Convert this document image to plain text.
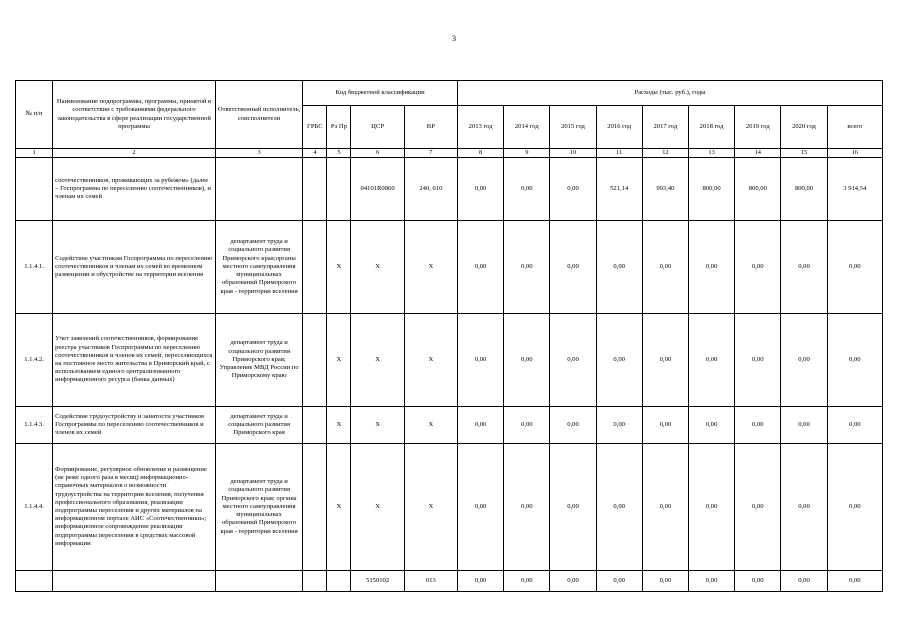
3
№ п/п	Наименование подпрограммы, программы, принятой в соответствии с требованиями федерального законодательства в сфере реализации государственной программы	Ответственный исполнитель, соисполнители	Код бюджетной классификации				Расходы (тыс. руб.), годы								
			ГРБС	Рз Пр	ЦСР	ВР	2013 год	2014 год	2015 год	2016 год	2017 год	2018 год	2019 год	2020 год	всего
1	2	3	4	5	6	7	8	9	10	11	12	13	14	15	16
	соотечественников, проживающих за рубежом» (далее – Госпрограмма по переселению соотечественников), и членам их семей				04101R0860	240, 610	0,00	0,00	0,00	521,14	993,40	800,00	800,00	800,00	3 914,54
1.1.4.1.	Содействие участникам Госпрограммы по переселению соотечественников и членам их семей во временном размещении и обустройстве на территории вселения	департамент труда и социального развития Приморского края;органы местного самоуправления муниципальных образований Приморского края - территории вселения		X	X	X	0,00	0,00	0,00	0,00	0,00	0,00	0,00	0,00	0,00
1.1.4.2.	Учет заявлений соотечественников, формирование реестра участников Госпрограммы по переселению соотечественников и членов их семей, переселяющихся на постоянное место жительства в Приморский край, с использованием единого централизованного информационного ресурса (банка данных)	департамент труда и социального развития Приморского края; Управление МВД России по Приморскому краю		X	X	X	0,00	0,00	0,00	0,00	0,00	0,00	0,00	0,00	0,00
1.1.4.3.	Содействие трудоустройству и занятости участников Госпрограммы по переселению соотечественников и членов их семей	департамент труда и социального развития Приморского края		X	X	X	0,00	0,00	0,00	0,00	0,00	0,00	0,00	0,00	0,00
1.1.4.4.	Формирование, регулярное обновление и размещение (не реже одного раза в месяц) информационно-справочных материалов о возможности трудоустройства на территории вселения, получения профессионального образования, реализации подпрограммы переселения и других материалов на информационном портале АИС «Соотечественники»; информационное сопровождение реализации подпрограммы переселения в средствах массовой информации	департамент труда и социального развития Приморского края; органы местного самоуправления муниципальных образований Приморского края - территории вселения		X	X	X	0,00	0,00	0,00	0,00	0,00	0,00	0,00	0,00	0,00
					5150102	013	0,00	0,00	0,00	0,00	0,00	0,00	0,00	0,00	0,00
